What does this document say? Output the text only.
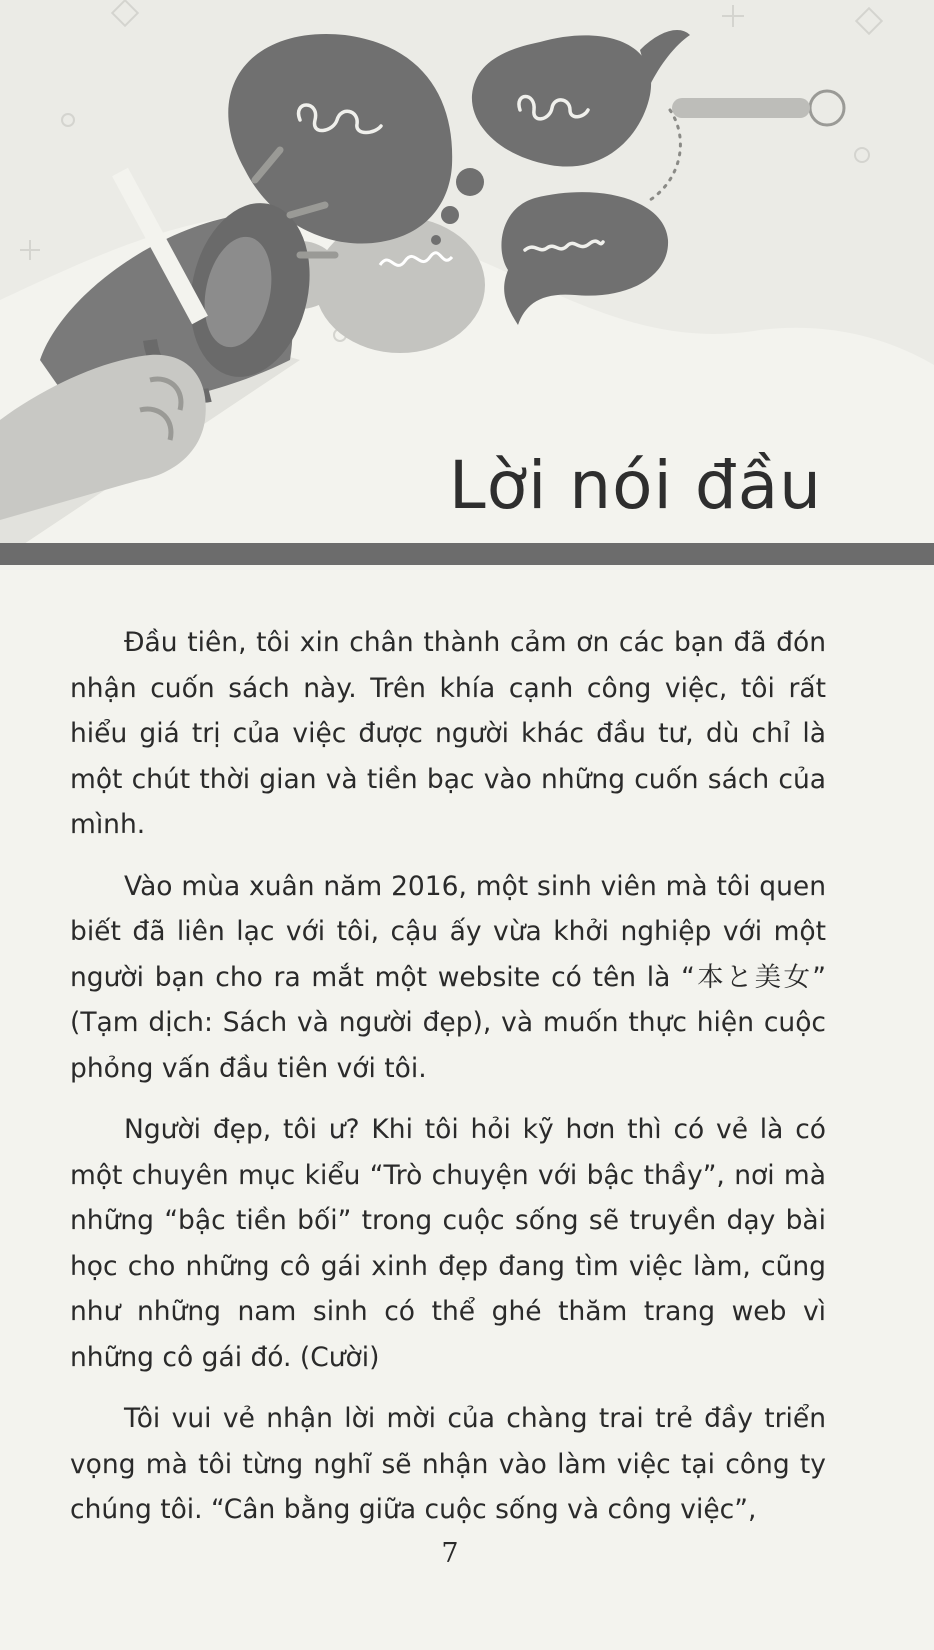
Lời nói đầu

Đầu tiên, tôi xin chân thành cảm ơn các bạn đã đón nhận cuốn sách này. Trên khía cạnh công việc, tôi rất hiểu giá trị của việc được người khác đầu tư, dù chỉ là một chút thời gian và tiền bạc vào những cuốn sách của mình.

Vào mùa xuân năm 2016, một sinh viên mà tôi quen biết đã liên lạc với tôi, cậu ấy vừa khởi nghiệp với một người bạn cho ra mắt một website có tên là “本と美女” (Tạm dịch: Sách và người đẹp), và muốn thực hiện cuộc phỏng vấn đầu tiên với tôi.

Người đẹp, tôi ư? Khi tôi hỏi kỹ hơn thì có vẻ là có một chuyên mục kiểu “Trò chuyện với bậc thầy”, nơi mà những “bậc tiền bối” trong cuộc sống sẽ truyền dạy bài học cho những cô gái xinh đẹp đang tìm việc làm, cũng như những nam sinh có thể ghé thăm trang web vì những cô gái đó. (Cười)

Tôi vui vẻ nhận lời mời của chàng trai trẻ đầy triển vọng mà tôi từng nghĩ sẽ nhận vào làm việc tại công ty chúng tôi. “Cân bằng giữa cuộc sống và công việc”,

7
